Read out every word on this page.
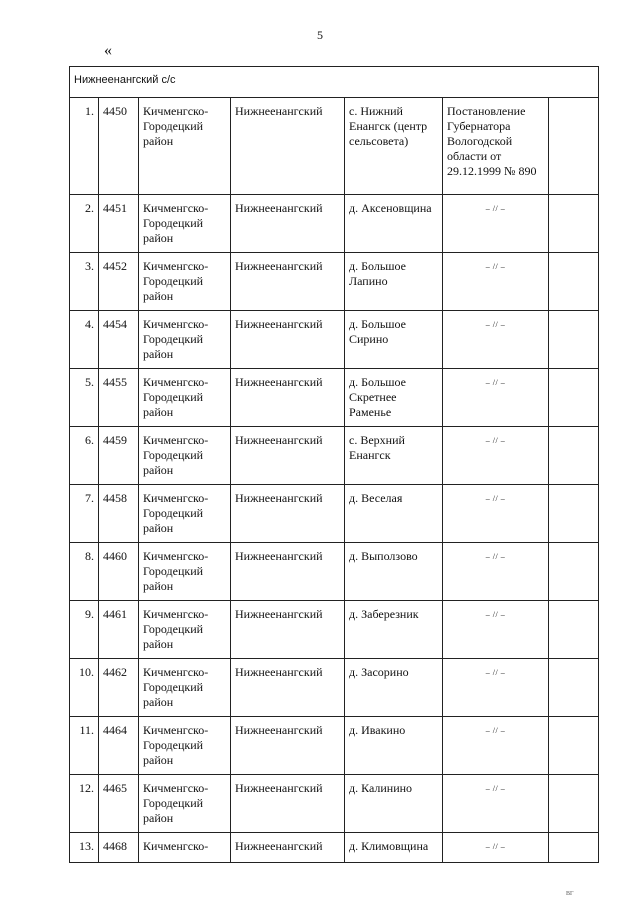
5
«
Нижнеенангский с/с						
1.	4450	Кичменгско-Городецкий район	Нижнеенангский	с. Нижний Енангск (центр сельсовета)	Постановление Губернатора Вологодской области от 29.12.1999 № 890	
2.	4451	Кичменгско-Городецкий район	Нижнеенангский	д. Аксеновщина	– // –	
3.	4452	Кичменгско-Городецкий район	Нижнеенангский	д. Большое Лапино	– // –	
4.	4454	Кичменгско-Городецкий район	Нижнеенангский	д. Большое Сирино	– // –	
5.	4455	Кичменгско-Городецкий район	Нижнеенангский	д. Большое Скретнее Раменье	– // –	
6.	4459	Кичменгско-Городецкий район	Нижнеенангский	с. Верхний Енангск	– // –	
7.	4458	Кичменгско-Городецкий район	Нижнеенангский	д. Веселая	– // –	
8.	4460	Кичменгско-Городецкий район	Нижнеенангский	д. Выползово	– // –	
9.	4461	Кичменгско-Городецкий район	Нижнеенангский	д. Заберезник	– // –	
10.	4462	Кичменгско-Городецкий район	Нижнеенангский	д. Засорино	– // –	
11.	4464	Кичменгско-Городецкий район	Нижнеенангский	д. Ивакино	– // –	
12.	4465	Кичменгско-Городецкий район	Нижнеенангский	д. Калинино	– // –	
13.	4468	Кичменгско-	Нижнеенангский	д. Климовщина	– // –	
ВГ
